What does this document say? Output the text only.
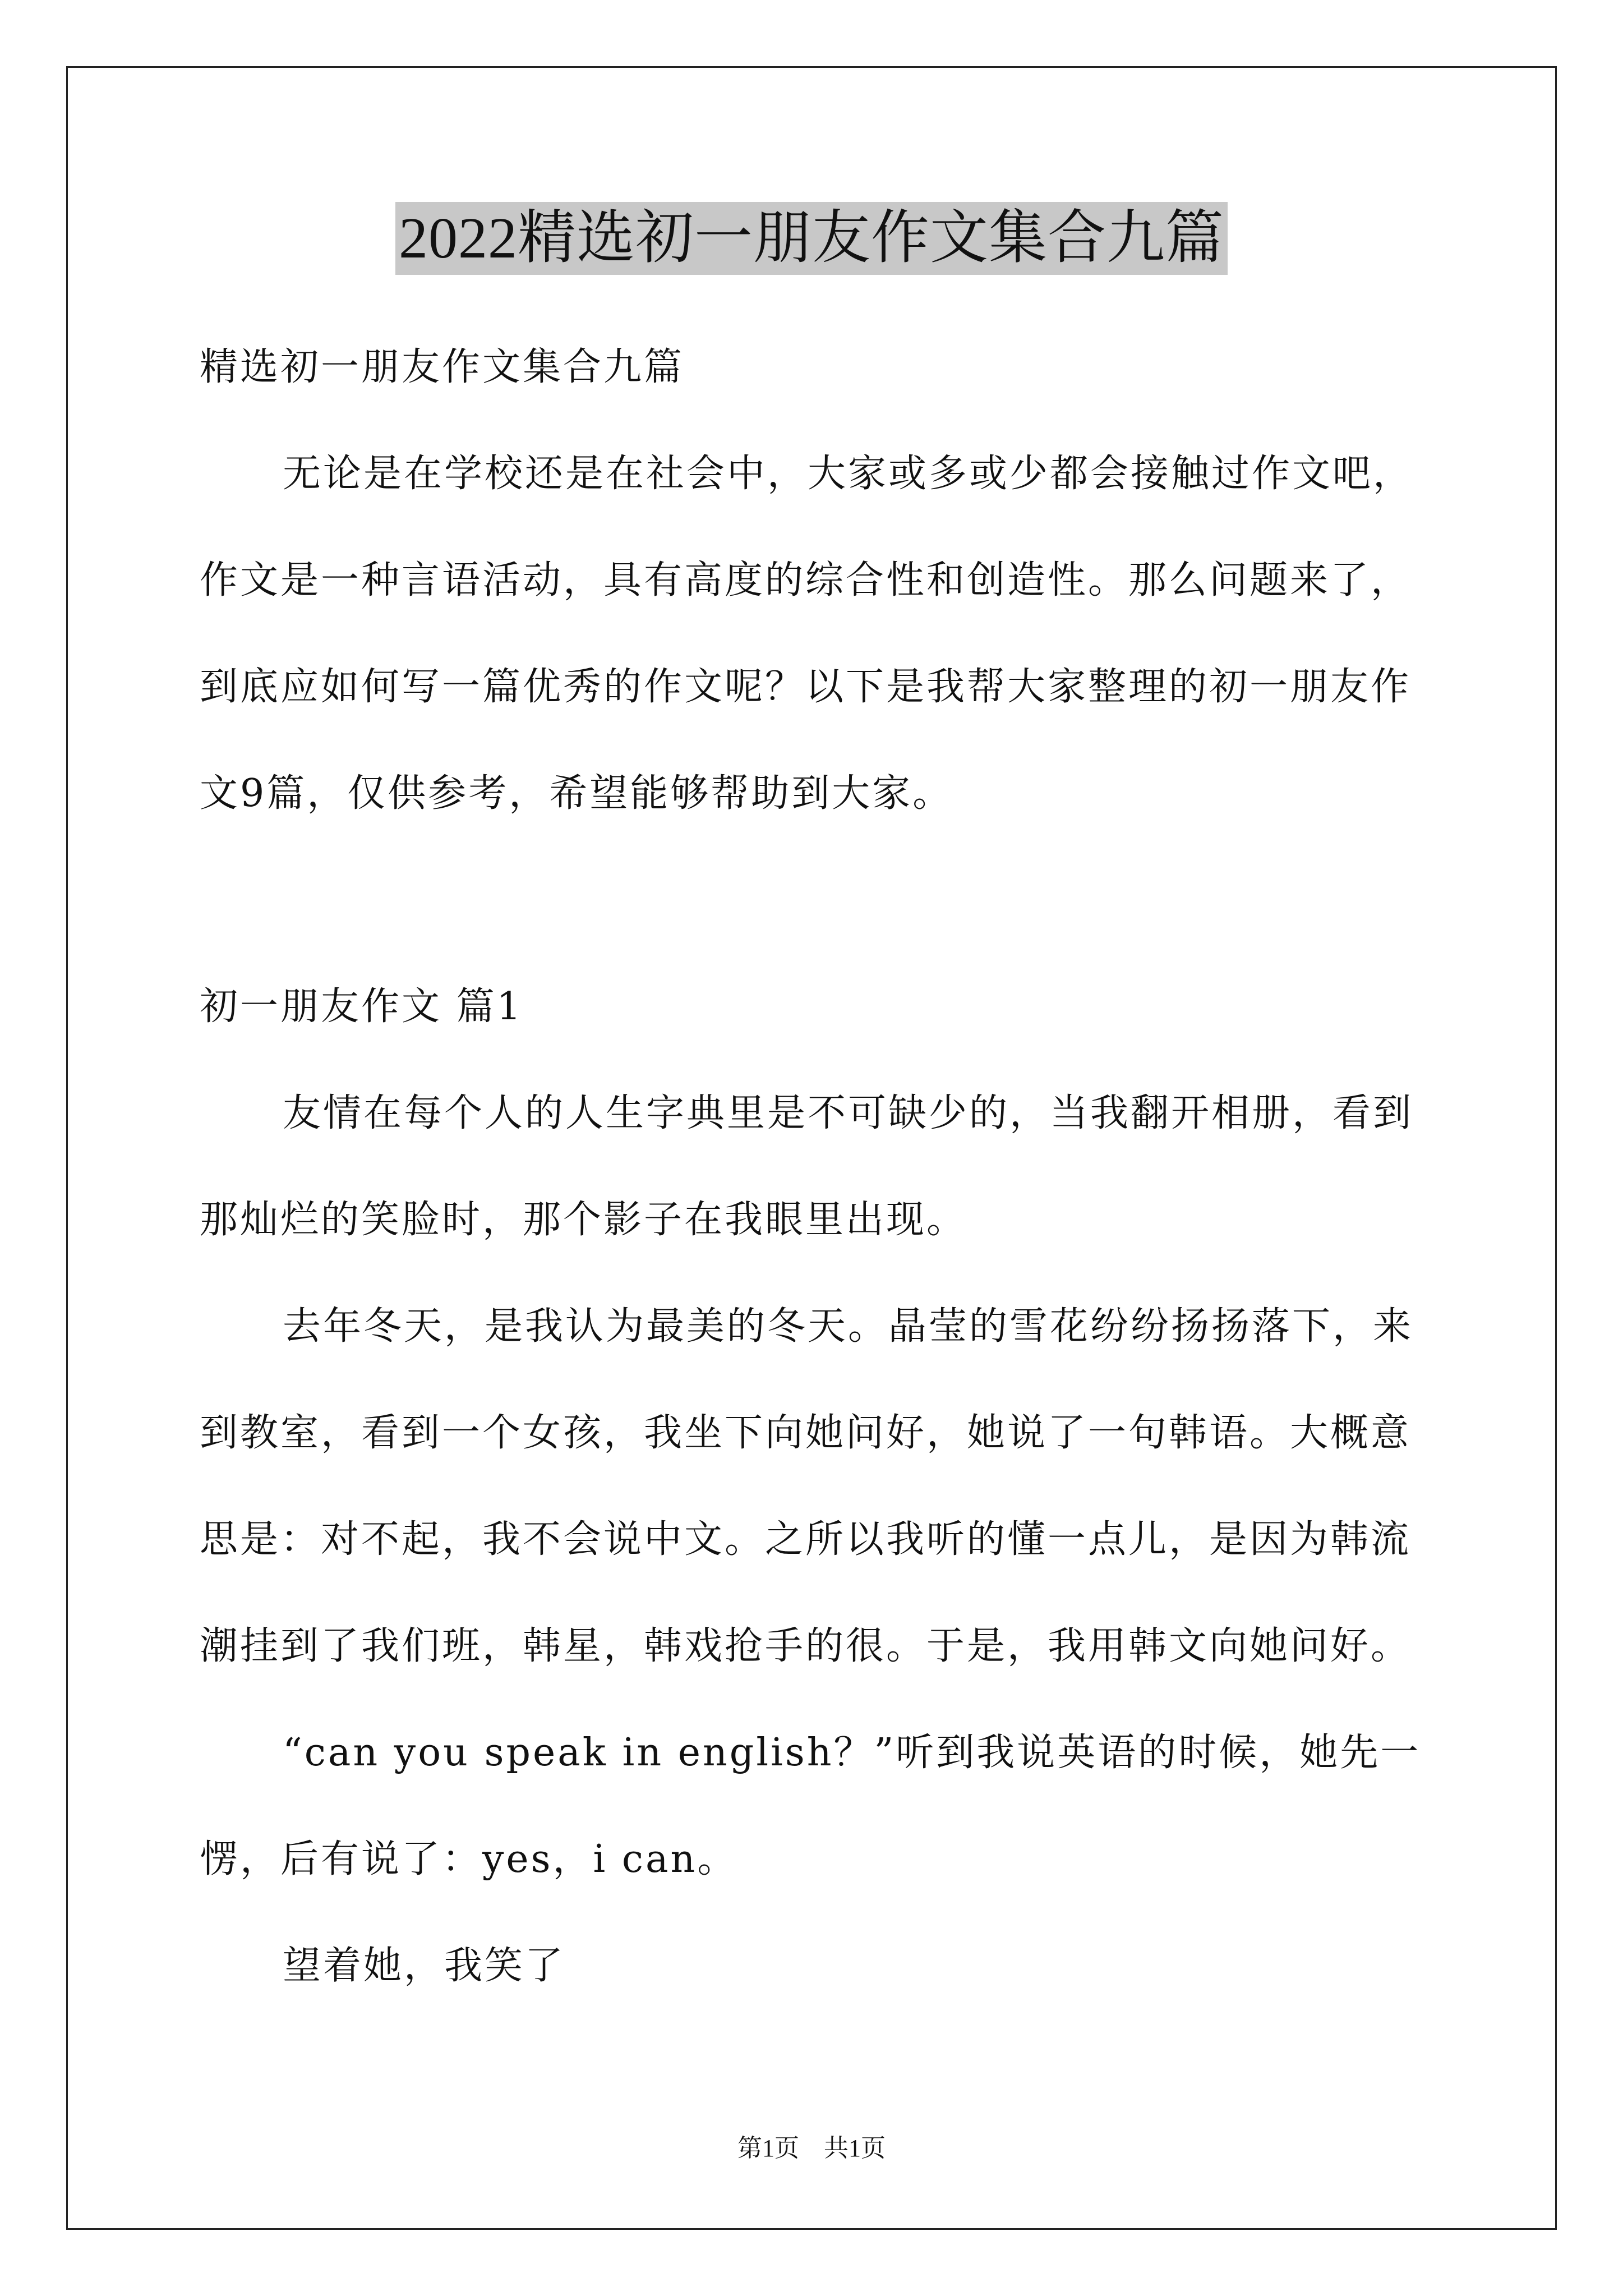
2022精选初一朋友作文集合九篇
精选初一朋友作文集合九篇
无论是在学校还是在社会中，大家或多或少都会接触过作文吧，
作文是一种言语活动，具有高度的综合性和创造性。那么问题来了，
到底应如何写一篇优秀的作文呢？以下是我帮大家整理的初一朋友作
文9篇，仅供参考，希望能够帮助到大家。
初一朋友作文 篇1
友情在每个人的人生字典里是不可缺少的，当我翻开相册，看到
那灿烂的笑脸时，那个影子在我眼里出现。
去年冬天，是我认为最美的冬天。晶莹的雪花纷纷扬扬落下，来
到教室，看到一个女孩，我坐下向她问好，她说了一句韩语。大概意
思是：对不起，我不会说中文。之所以我听的懂一点儿，是因为韩流
潮挂到了我们班，韩星，韩戏抢手的很。于是，我用韩文向她问好。
“can you speak in english？”听到我说英语的时候，她先一
愣，后有说了：yes，i can。
望着她，我笑了
第1页 共1页
